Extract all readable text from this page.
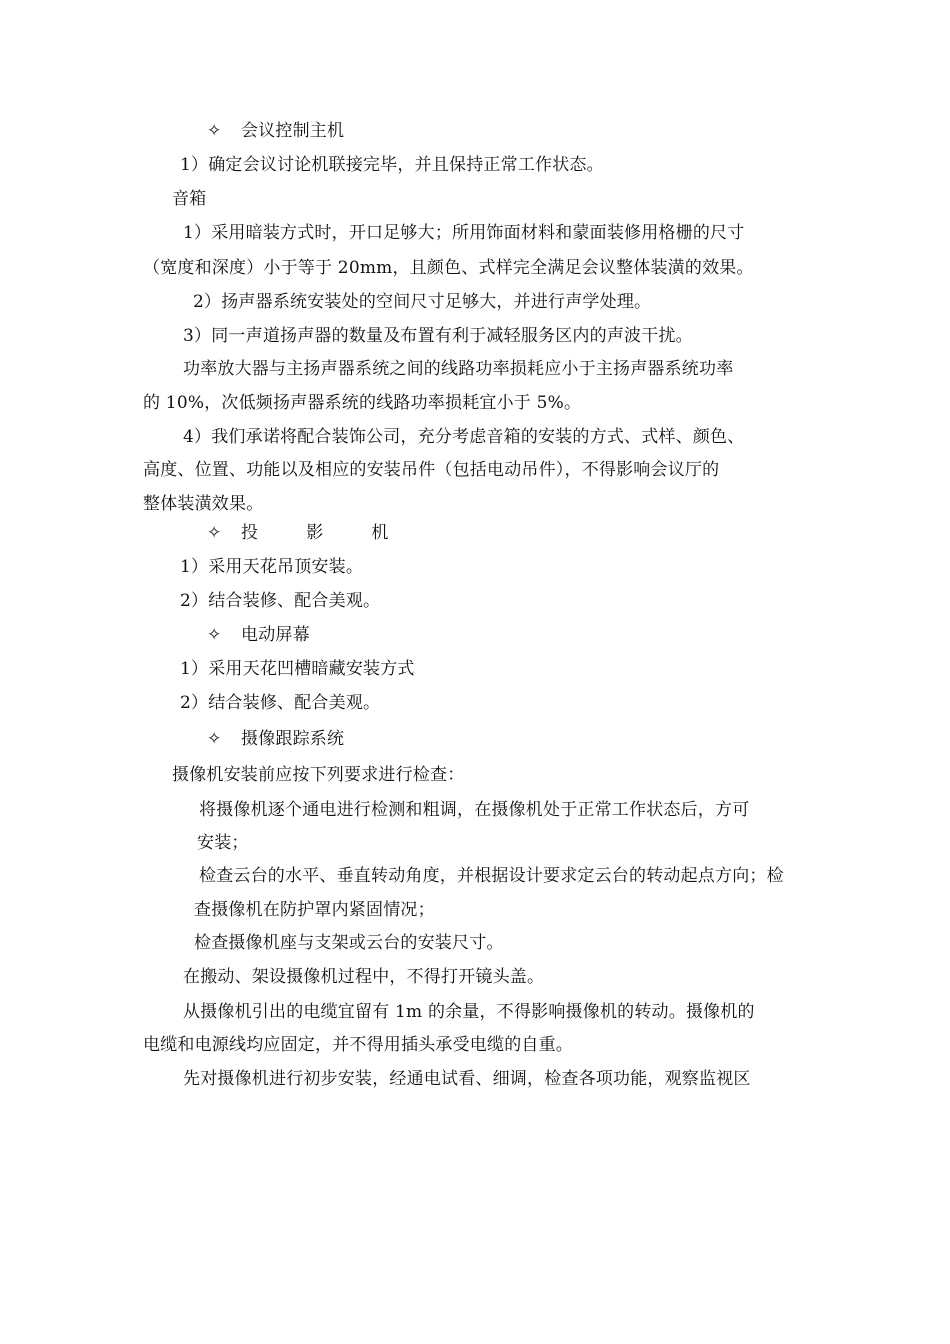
✧ 会议控制主机
1）确定会议讨论机联接完毕，并且保持正常工作状态。
音箱
1）采用暗装方式时，开口足够大；所用饰面材料和蒙面装修用格栅的尺寸
（宽度和深度）小于等于 20mm，且颜色、式样完全满足会议整体装潢的效果。
2）扬声器系统安装处的空间尺寸足够大，并进行声学处理。
3）同一声道扬声器的数量及布置有利于减轻服务区内的声波干扰。
功率放大器与主扬声器系统之间的线路功率损耗应小于主扬声器系统功率
的 10%，次低频扬声器系统的线路功率损耗宜小于 5%。
4）我们承诺将配合装饰公司，充分考虑音箱的安装的方式、式样、颜色、
高度、位置、功能以及相应的安装吊件（包括电动吊件），不得影响会议厅的
整体装潢效果。
✧ 投	影	机
1）采用天花吊顶安装。
2）结合装修、配合美观。
✧ 电动屏幕
1）采用天花凹槽暗藏安装方式
2）结合装修、配合美观。
✧ 摄像跟踪系统
摄像机安装前应按下列要求进行检查：
将摄像机逐个通电进行检测和粗调，在摄像机处于正常工作状态后，方可
安装；
检查云台的水平、垂直转动角度，并根据设计要求定云台的转动起点方向；检
查摄像机在防护罩内紧固情况；
检查摄像机座与支架或云台的安装尺寸。
在搬动、架设摄像机过程中，不得打开镜头盖。
从摄像机引出的电缆宜留有 1m 的余量，不得影响摄像机的转动。摄像机的
电缆和电源线均应固定，并不得用插头承受电缆的自重。
先对摄像机进行初步安装，经通电试看、细调，检查各项功能，观察监视区
